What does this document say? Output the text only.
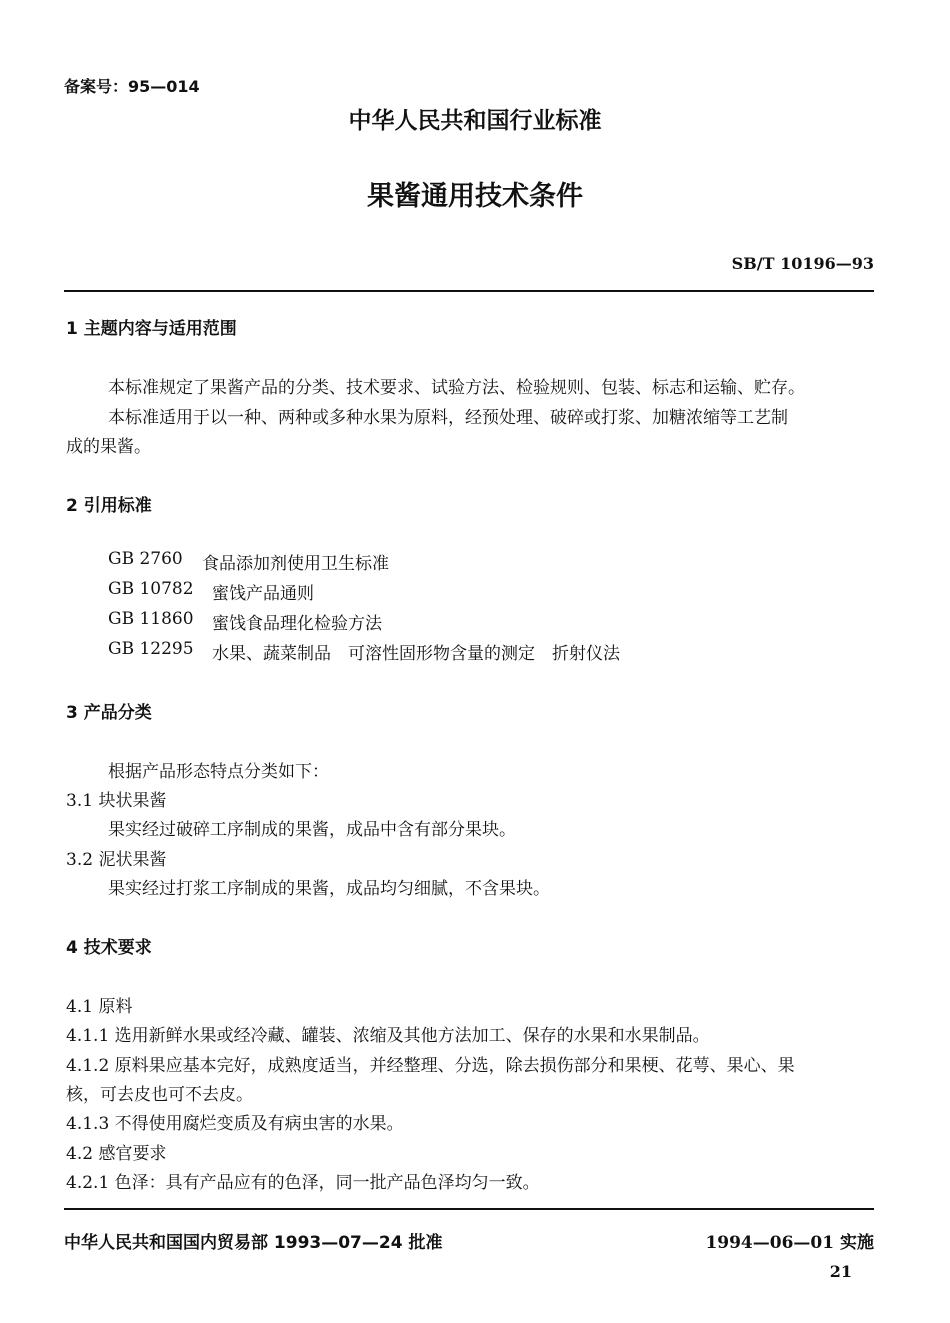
备案号：95—014
中华人民共和国行业标准
果酱通用技术条件
SB/T 10196—93
1 主题内容与适用范围
本标准规定了果酱产品的分类、技术要求、试验方法、检验规则、包装、标志和运输、贮存。
本标准适用于以一种、两种或多种水果为原料，经预处理、破碎或打浆、加糖浓缩等工艺制
成的果酱。
2 引用标准
GB 2760 食品添加剂使用卫生标准
GB 10782 蜜饯产品通则
GB 11860 蜜饯食品理化检验方法
GB 12295 水果、蔬菜制品　可溶性固形物含量的测定　折射仪法
3 产品分类
根据产品形态特点分类如下：
3.1 块状果酱
果实经过破碎工序制成的果酱，成品中含有部分果块。
3.2 泥状果酱
果实经过打浆工序制成的果酱，成品均匀细腻，不含果块。
4 技术要求
4.1 原料
4.1.1 选用新鲜水果或经冷藏、罐装、浓缩及其他方法加工、保存的水果和水果制品。
4.1.2 原料果应基本完好，成熟度适当，并经整理、分选，除去损伤部分和果梗、花萼、果心、果
核，可去皮也可不去皮。
4.1.3 不得使用腐烂变质及有病虫害的水果。
4.2 感官要求
4.2.1 色泽：具有产品应有的色泽，同一批产品色泽均匀一致。
中华人民共和国国内贸易部 1993—07—24 批准	1994—06—01 实施
21
